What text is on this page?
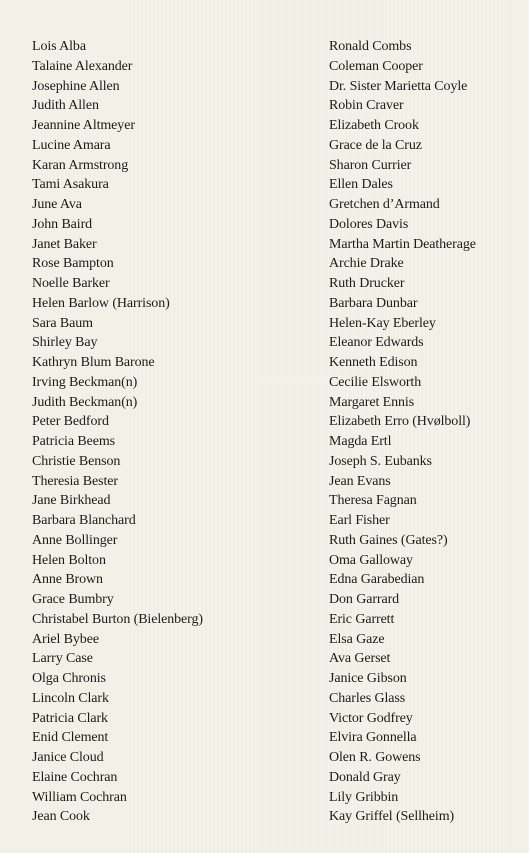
Lois Alba
Talaine Alexander
Josephine Allen
Judith Allen
Jeannine Altmeyer
Lucine Amara
Karan Armstrong
Tami Asakura
June Ava
John Baird
Janet Baker
Rose Bampton
Noelle Barker
Helen Barlow (Harrison)
Sara Baum
Shirley Bay
Kathryn Blum Barone
Irving Beckman(n)
Judith Beckman(n)
Peter Bedford
Patricia Beems
Christie Benson
Theresia Bester
Jane Birkhead
Barbara Blanchard
Anne Bollinger
Helen Bolton
Anne Brown
Grace Bumbry
Christabel Burton (Bielenberg)
Ariel Bybee
Larry Case
Olga Chronis
Lincoln Clark
Patricia Clark
Enid Clement
Janice Cloud
Elaine Cochran
William Cochran
Jean Cook
Ronald Combs
Coleman Cooper
Dr. Sister Marietta Coyle
Robin Craver
Elizabeth Crook
Grace de la Cruz
Sharon Currier
Ellen Dales
Gretchen d’Armand
Dolores Davis
Martha Martin Deatherage
Archie Drake
Ruth Drucker
Barbara Dunbar
Helen-Kay Eberley
Eleanor Edwards
Kenneth Edison
Cecilie Elsworth
Margaret Ennis
Elizabeth Erro (Hvølboll)
Magda Ertl
Joseph S. Eubanks
Jean Evans
Theresa Fagnan
Earl Fisher
Ruth Gaines (Gates?)
Oma Galloway
Edna Garabedian
Don Garrard
Eric Garrett
Elsa Gaze
Ava Gerset
Janice Gibson
Charles Glass
Victor Godfrey
Elvira Gonnella
Olen R. Gowens
Donald Gray
Lily Gribbin
Kay Griffel (Sellheim)
